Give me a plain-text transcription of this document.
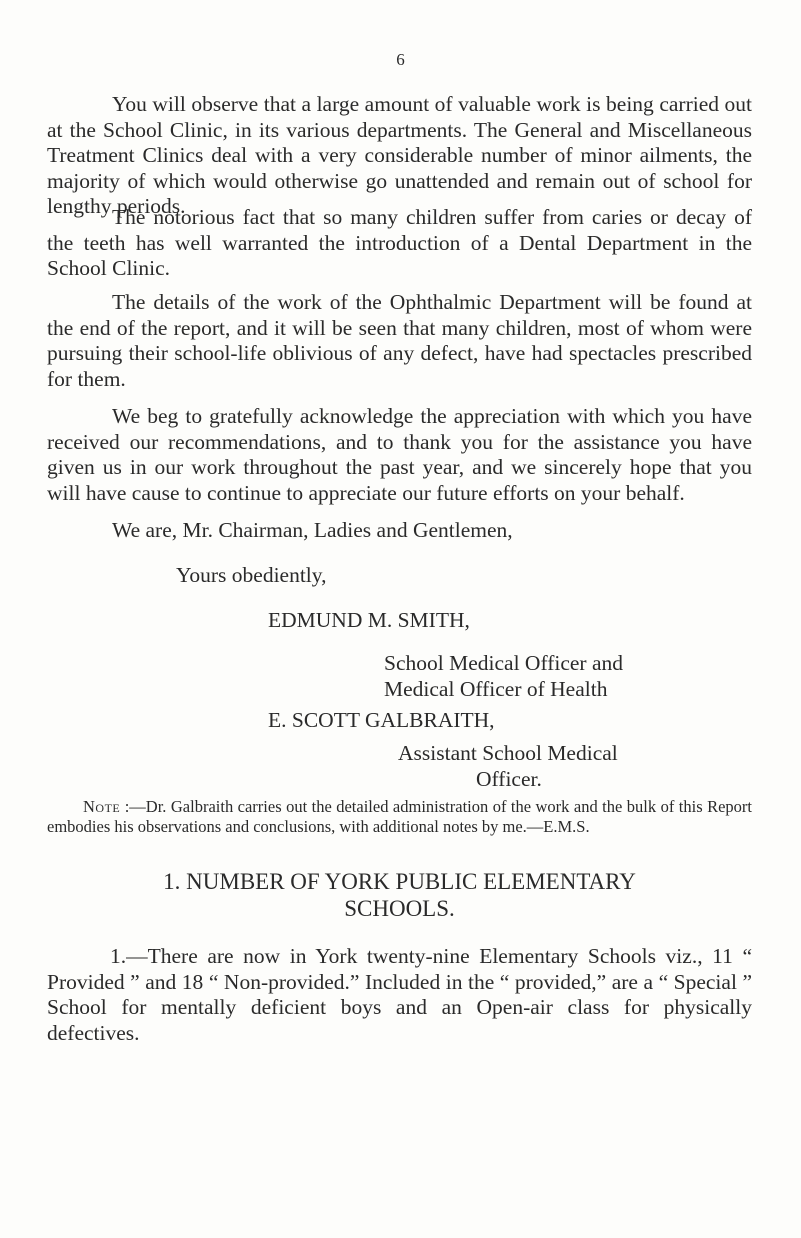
6

You will observe that a large amount of valuable work is being carried out at the School Clinic, in its various departments. The General and Miscellaneous Treatment Clinics deal with a very considerable number of minor ailments, the majority of which would otherwise go unattended and remain out of school for lengthy periods.

The notorious fact that so many children suffer from caries or decay of the teeth has well warranted the introduction of a Dental Department in the School Clinic.

The details of the work of the Ophthalmic Department will be found at the end of the report, and it will be seen that many children, most of whom were pursuing their school-life oblivious of any defect, have had spectacles prescribed for them.

We beg to gratefully acknowledge the appreciation with which you have received our recommendations, and to thank you for the assistance you have given us in our work throughout the past year, and we sincerely hope that you will have cause to continue to appreciate our future efforts on your behalf.

We are, Mr. Chairman, Ladies and Gentlemen,
Yours obediently,
EDMUND M. SMITH,
School Medical Officer and
Medical Officer of Health
E. SCOTT GALBRAITH,
Assistant School Medical
Officer.
Note :—Dr. Galbraith carries out the detailed administration of the work and the bulk of this Report embodies his observations and conclusions, with additional notes by me.—E.M.S.
1. NUMBER OF YORK PUBLIC ELEMENTARY
SCHOOLS.

1.—There are now in York twenty-nine Elementary Schools viz., 11 “ Provided ” and 18 “ Non-provided.” Included in the “ provided,” are a “ Special ” School for mentally deficient boys and an Open-air class for physically defectives.
